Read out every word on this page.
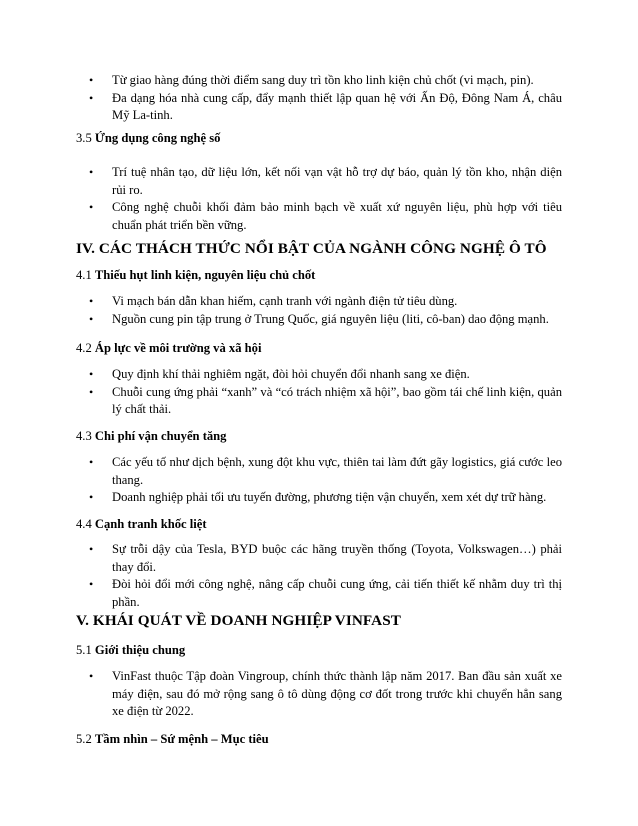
• Từ giao hàng đúng thời điểm sang duy trì tồn kho linh kiện chủ chốt (vi mạch, pin).
• Đa dạng hóa nhà cung cấp, đẩy mạnh thiết lập quan hệ với Ấn Độ, Đông Nam Á, châu Mỹ La-tinh.
3.5 Ứng dụng công nghệ số
• Trí tuệ nhân tạo, dữ liệu lớn, kết nối vạn vật hỗ trợ dự báo, quản lý tồn kho, nhận diện rủi ro.
• Công nghệ chuỗi khối đảm bảo minh bạch về xuất xứ nguyên liệu, phù hợp với tiêu chuẩn phát triển bền vững.
IV. CÁC THÁCH THỨC NỔI BẬT CỦA NGÀNH CÔNG NGHỆ Ô TÔ
4.1 Thiếu hụt linh kiện, nguyên liệu chủ chốt
• Vi mạch bán dẫn khan hiếm, cạnh tranh với ngành điện tử tiêu dùng.
• Nguồn cung pin tập trung ở Trung Quốc, giá nguyên liệu (liti, cô-ban) dao động mạnh.
4.2 Áp lực về môi trường và xã hội
• Quy định khí thải nghiêm ngặt, đòi hỏi chuyển đổi nhanh sang xe điện.
• Chuỗi cung ứng phải “xanh” và “có trách nhiệm xã hội”, bao gồm tái chế linh kiện, quản lý chất thải.
4.3 Chi phí vận chuyển tăng
• Các yếu tố như dịch bệnh, xung đột khu vực, thiên tai làm đứt gãy logistics, giá cước leo thang.
• Doanh nghiệp phải tối ưu tuyến đường, phương tiện vận chuyển, xem xét dự trữ hàng.
4.4 Cạnh tranh khốc liệt
• Sự trỗi dậy của Tesla, BYD buộc các hãng truyền thống (Toyota, Volkswagen…) phải thay đổi.
• Đòi hỏi đổi mới công nghệ, nâng cấp chuỗi cung ứng, cải tiến thiết kế nhằm duy trì thị phần.
V. KHÁI QUÁT VỀ DOANH NGHIỆP VINFAST
5.1 Giới thiệu chung
• VinFast thuộc Tập đoàn Vingroup, chính thức thành lập năm 2017. Ban đầu sản xuất xe máy điện, sau đó mở rộng sang ô tô dùng động cơ đốt trong trước khi chuyển hẳn sang xe điện từ 2022.
5.2 Tầm nhìn – Sứ mệnh – Mục tiêu
